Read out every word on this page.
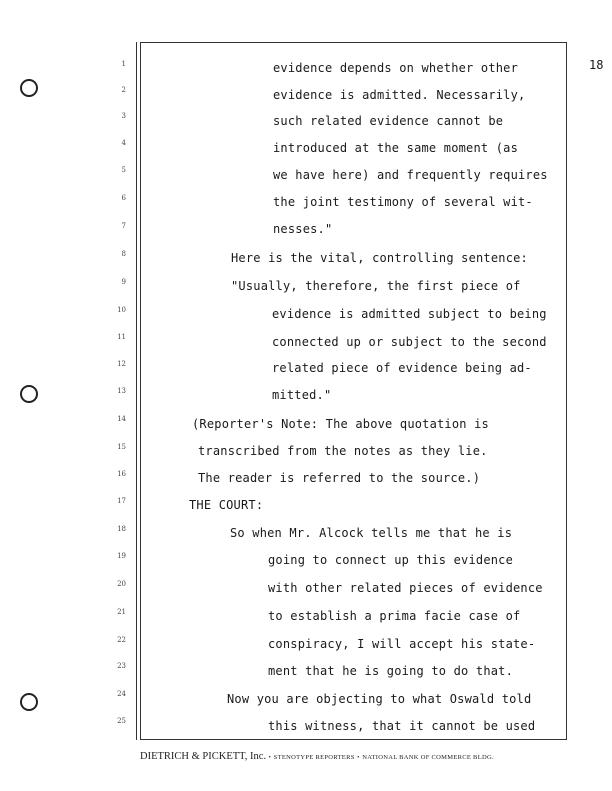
18
1
2
3
4
5
6
7
8
9
10
11
12
13
14
15
16
17
18
19
20
21
22
23
24
25
evidence depends on whether other
evidence is admitted. Necessarily,
such related evidence cannot be
introduced at the same moment (as
we have here) and frequently requires
the joint testimony of several wit-
nesses."
Here is the vital, controlling sentence:
"Usually, therefore, the first piece of
evidence is admitted subject to being
connected up or subject to the second
related piece of evidence being ad-
mitted."
(Reporter's Note: The above quotation is
transcribed from the notes as they lie.
The reader is referred to the source.)
THE COURT:
So when Mr. Alcock tells me that he is
going to connect up this evidence
with other related pieces of evidence
to establish a prima facie case of
conspiracy, I will accept his state-
ment that he is going to do that.
Now you are objecting to what Oswald told
this witness, that it cannot be used
DIETRICH & PICKETT, Inc. • STENOTYPE REPORTERS • NATIONAL BANK OF COMMERCE BLDG.
